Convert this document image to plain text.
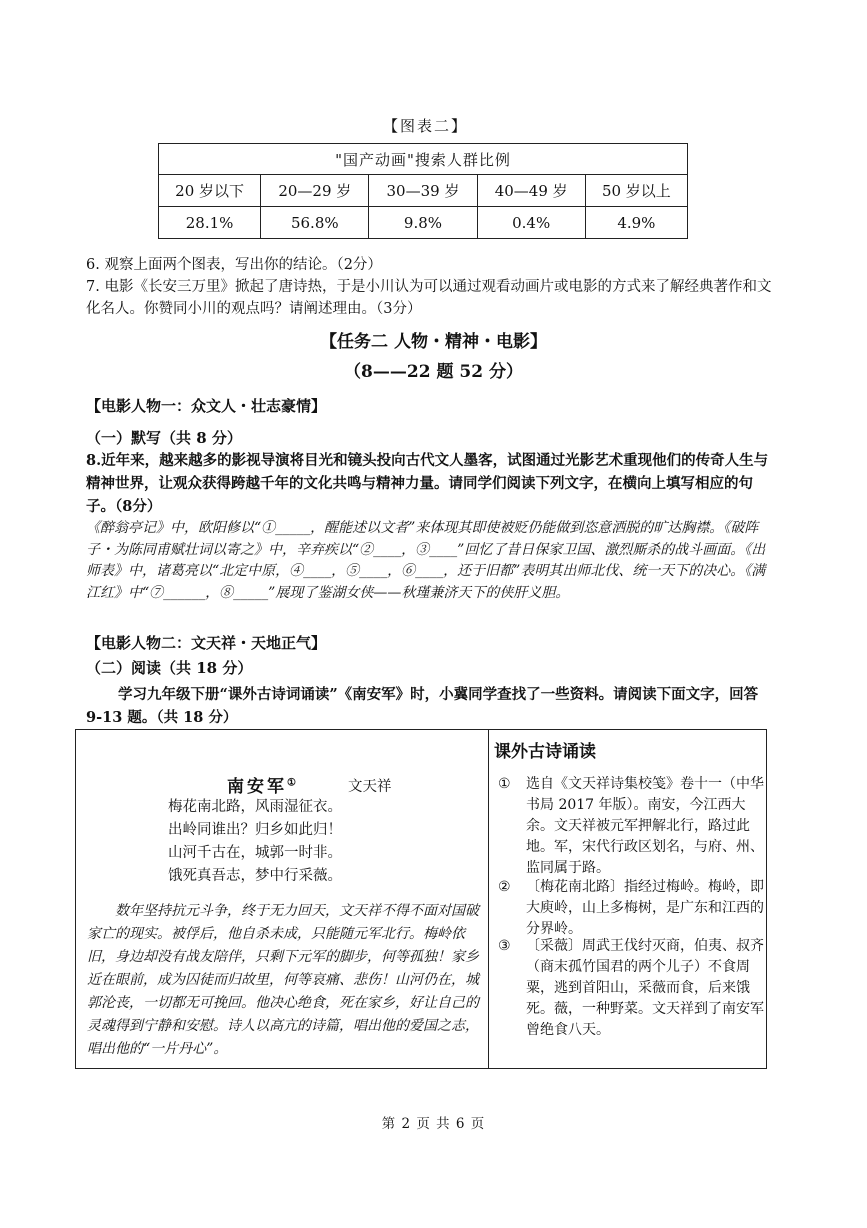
【图表二】
"国产动画"搜索人群比例				
20 岁以下	20—29 岁	30—39 岁	40—49 岁	50 岁以上
28.1%	56.8%	9.8%	0.4%	4.9%
6. 观察上面两个图表，写出你的结论。（2分）
7. 电影《长安三万里》掀起了唐诗热，于是小川认为可以通过观看动画片或电影的方式来了解经典著作和文化名人。你赞同小川的观点吗？请阐述理由。（3分）
【任务二 人物・精神・电影】
（8——22 题 52 分）
【电影人物一：众文人・壮志豪情】
（一）默写（共 8 分）
8.近年来，越来越多的影视导演将目光和镜头投向古代文人墨客，试图通过光影艺术重现他们的传奇人生与精神世界，让观众获得跨越千年的文化共鸣与精神力量。请同学们阅读下列文字，在横向上填写相应的句子。（8分）
《醉翁亭记》中，欧阳修以“①_____，醒能述以文者”来体现其即使被贬仍能做到恣意洒脱的旷达胸襟。《破阵子・为陈同甫赋壮词以寄之》中，辛弃疾以“②____，③____”回忆了昔日保家卫国、激烈厮杀的战斗画面。《出师表》中，诸葛亮以“北定中原，④____，⑤____，⑥____，还于旧都”表明其出师北伐、统一天下的决心。《满江红》中“⑦______，⑧_____”展现了鉴湖女侠——秋瑾兼济天下的侠肝义胆。
【电影人物二：文天祥・天地正气】
（二）阅读（共 18 分）
学习九年级下册“课外古诗词诵读”《南安军》时，小冀同学查找了一些资料。请阅读下面文字，回答 9-13 题。（共 18 分）
南安军①	文天祥
梅花南北路，风雨湿征衣。
出岭同谁出？归乡如此归！
山河千古在，城郭一时非。
饿死真吾志，梦中行采薇。
数年坚持抗元斗争，终于无力回天，文天祥不得不面对国破家亡的现实。被俘后，他自杀未成，只能随元军北行。梅岭依旧，身边却没有战友陪伴，只剩下元军的脚步，何等孤独！家乡近在眼前，成为囚徒而归故里，何等哀痛、悲伤！山河仍在，城郭沦丧，一切都无可挽回。他决心绝食，死在家乡，好让自己的灵魂得到宁静和安慰。诗人以高亢的诗篇，唱出他的爱国之志，唱出他的“一片丹心”。
课外古诗诵读
① 选自《文天祥诗集校笺》卷十一（中华书局 2017 年版）。南安，今江西大余。文天祥被元军押解北行，路过此地。军，宋代行政区划名，与府、州、监同属于路。
② 〔梅花南北路〕指经过梅岭。梅岭，即大庾岭，山上多梅树，是广东和江西的分界岭。
③ 〔采薇〕周武王伐纣灭商，伯夷、叔齐（商末孤竹国君的两个儿子）不食周粟，逃到首阳山，采薇而食，后来饿死。薇，一种野菜。文天祥到了南安军曾绝食八天。
第 2 页 共 6 页
